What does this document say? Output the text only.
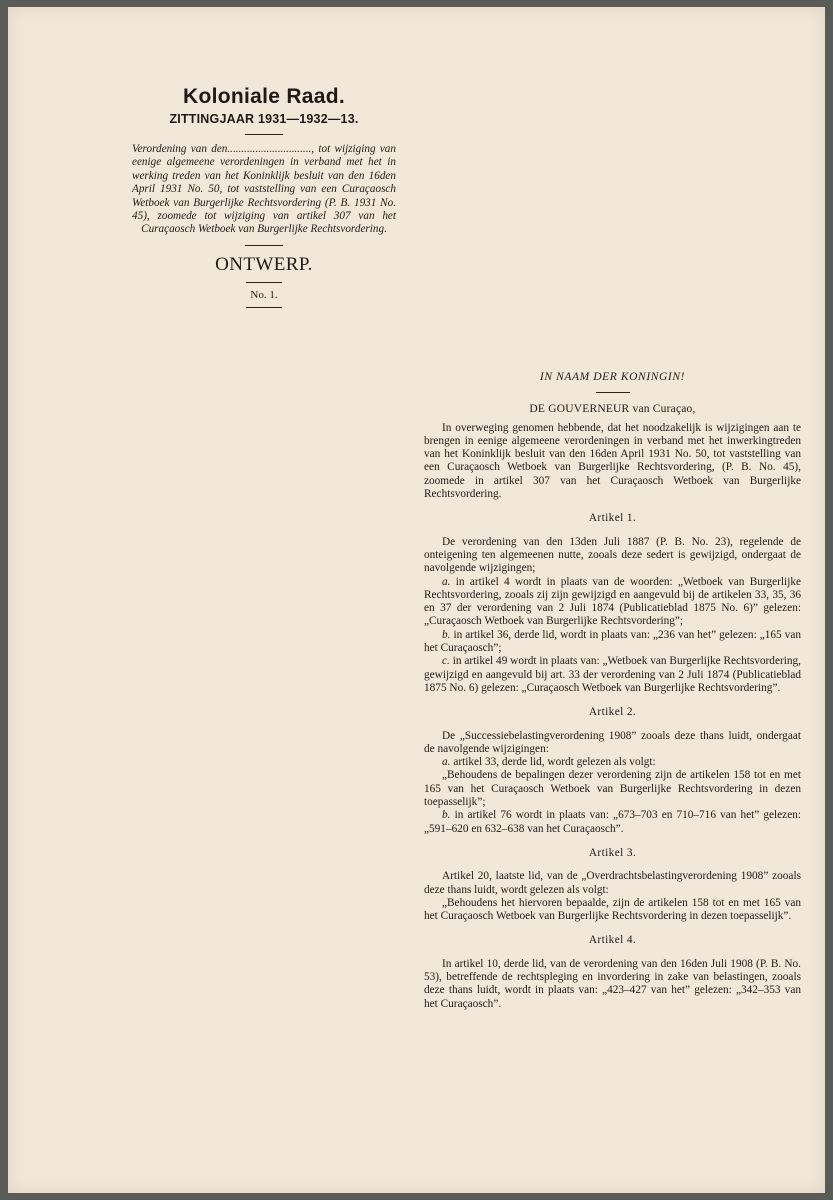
Koloniale Raad.
ZITTINGJAAR 1931—1932—13.

Verordening van den.............................., tot wijziging van eenige algemeene verordeningen in verband met het in werking treden van het Koninklijk besluit van den 16den April 1931 No. 50, tot vaststelling van een Curaçaosch Wetboek van Burgerlijke Rechtsvordering (P. B. 1931 No. 45), zoomede tot wijziging van artikel 307 van het Curaçaosch Wetboek van Burgerlijke Rechtsvordering.

ONTWERP.
No. 1.
IN NAAM DER KONINGIN!
DE GOUVERNEUR van Curaçao,

In overweging genomen hebbende, dat het noodzakelijk is wijzigingen aan te brengen in eenige algemeene verordeningen in verband met het inwerkingtreden van het Koninklijk besluit van den 16den April 1931 No. 50, tot vaststelling van een Curaçaosch Wetboek van Burgerlijke Rechtsvordering, (P. B. No. 45), zoomede in artikel 307 van het Curaçaosch Wetboek van Burgerlijke Rechtsvordering.

Artikel 1.

De verordening van den 13den Juli 1887 (P. B. No. 23), regelende de onteigening ten algemeenen nutte, zooals deze sedert is gewijzigd, ondergaat de navolgende wijzigingen;

a. in artikel 4 wordt in plaats van de woorden: „Wetboek van Burgerlijke Rechtsvordering, zooals zij zijn gewijzigd en aangevuld bij de artikelen 33, 35, 36 en 37 der verordening van 2 Juli 1874 (Publicatieblad 1875 No. 6)” gelezen: „Curaçaosch Wetboek van Burgerlijke Rechtsvordering”;

b. in artikel 36, derde lid, wordt in plaats van: „236 van het” gelezen: „165 van het Curaçaosch”;

c. in artikel 49 wordt in plaats van: „Wetboek van Burgerlijke Rechtsvordering, gewijzigd en aangevuld bij art. 33 der verordening van 2 Juli 1874 (Publicatieblad 1875 No. 6) gelezen: „Curaçaosch Wetboek van Burgerlijke Rechtsvordering”.

Artikel 2.

De „Successiebelastingverordening 1908” zooals deze thans luidt, ondergaat de navolgende wijzigingen:

a. artikel 33, derde lid, wordt gelezen als volgt:

„Behoudens de bepalingen dezer verordening zijn de artikelen 158 tot en met 165 van het Curaçaosch Wetboek van Burgerlijke Rechtsvordering in dezen toepasselijk”;

b. in artikel 76 wordt in plaats van: „673–703 en 710–716 van het” gelezen: „591–620 en 632–638 van het Curaçaosch”.

Artikel 3.

Artikel 20, laatste lid, van de „Overdrachtsbelastingverordening 1908” zooals deze thans luidt, wordt gelezen als volgt:

„Behoudens het hiervoren bepaalde, zijn de artikelen 158 tot en met 165 van het Curaçaosch Wetboek van Burgerlijke Rechtsvordering in dezen toepasselijk”.

Artikel 4.

In artikel 10, derde lid, van de verordening van den 16den Juli 1908 (P. B. No. 53), betreffende de rechtspleging en invordering in zake van belastingen, zooals deze thans luidt, wordt in plaats van: „423–427 van het” gelezen: „342–353 van het Curaçaosch”.
